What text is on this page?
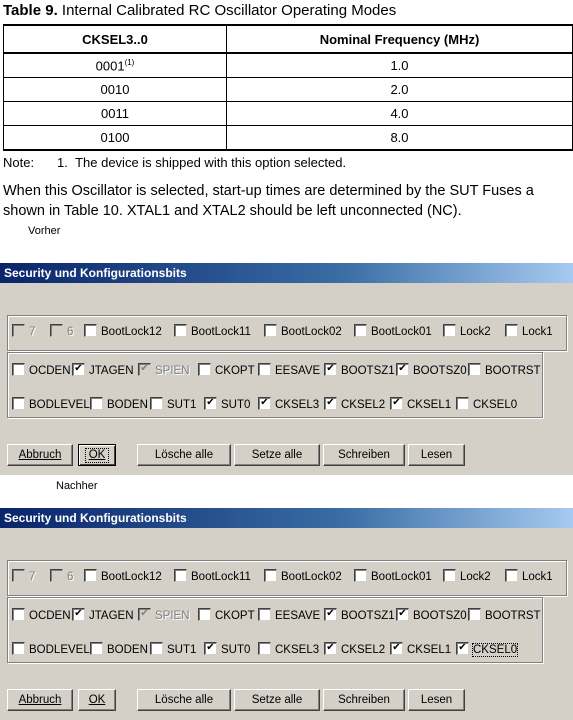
Table 9. Internal Calibrated RC Oscillator Operating Modes
CKSEL3..0	Nominal Frequency (MHz)
0001$^{(1)}$	1.0
0010	2.0
0011	4.0
0100	8.0
Note: 1. The device is shipped with this option selected.
When this Oscillator is selected, start-up times are determined by the SUT Fuses a
shown in Table 10. XTAL1 and XTAL2 should be left unconnected (NC).
Vorher
Security und Konfigurationsbits
7	6	BootLock12	BootLock11	BootLock02	BootLock01	Lock2	Lock1
OCDEN ✔	JTAGEN ✔	SPIEN	CKOPT	EESAVE ✔	BOOTSZ1 ✔	BOOTSZ0	BOOTRST
BODLEVEL	BODEN	SUT1 ✔	SUT0 ✔	CKSEL3 ✔	CKSEL2 ✔	CKSEL1	CKSEL0
Abbruch	OK	Lösche alle	Setze alle	Schreiben	Lesen
Nachher
Security und Konfigurationsbits
7	6	BootLock12	BootLock11	BootLock02	BootLock01	Lock2	Lock1
OCDEN ✔	JTAGEN ✔	SPIEN	CKOPT	EESAVE ✔	BOOTSZ1 ✔	BOOTSZ0	BOOTRST
BODLEVEL	BODEN	SUT1 ✔	SUT0	CKSEL3 ✔	CKSEL2 ✔	CKSEL1 ✔	CKSEL0
Abbruch	OK	Lösche alle	Setze alle	Schreiben	Lesen
